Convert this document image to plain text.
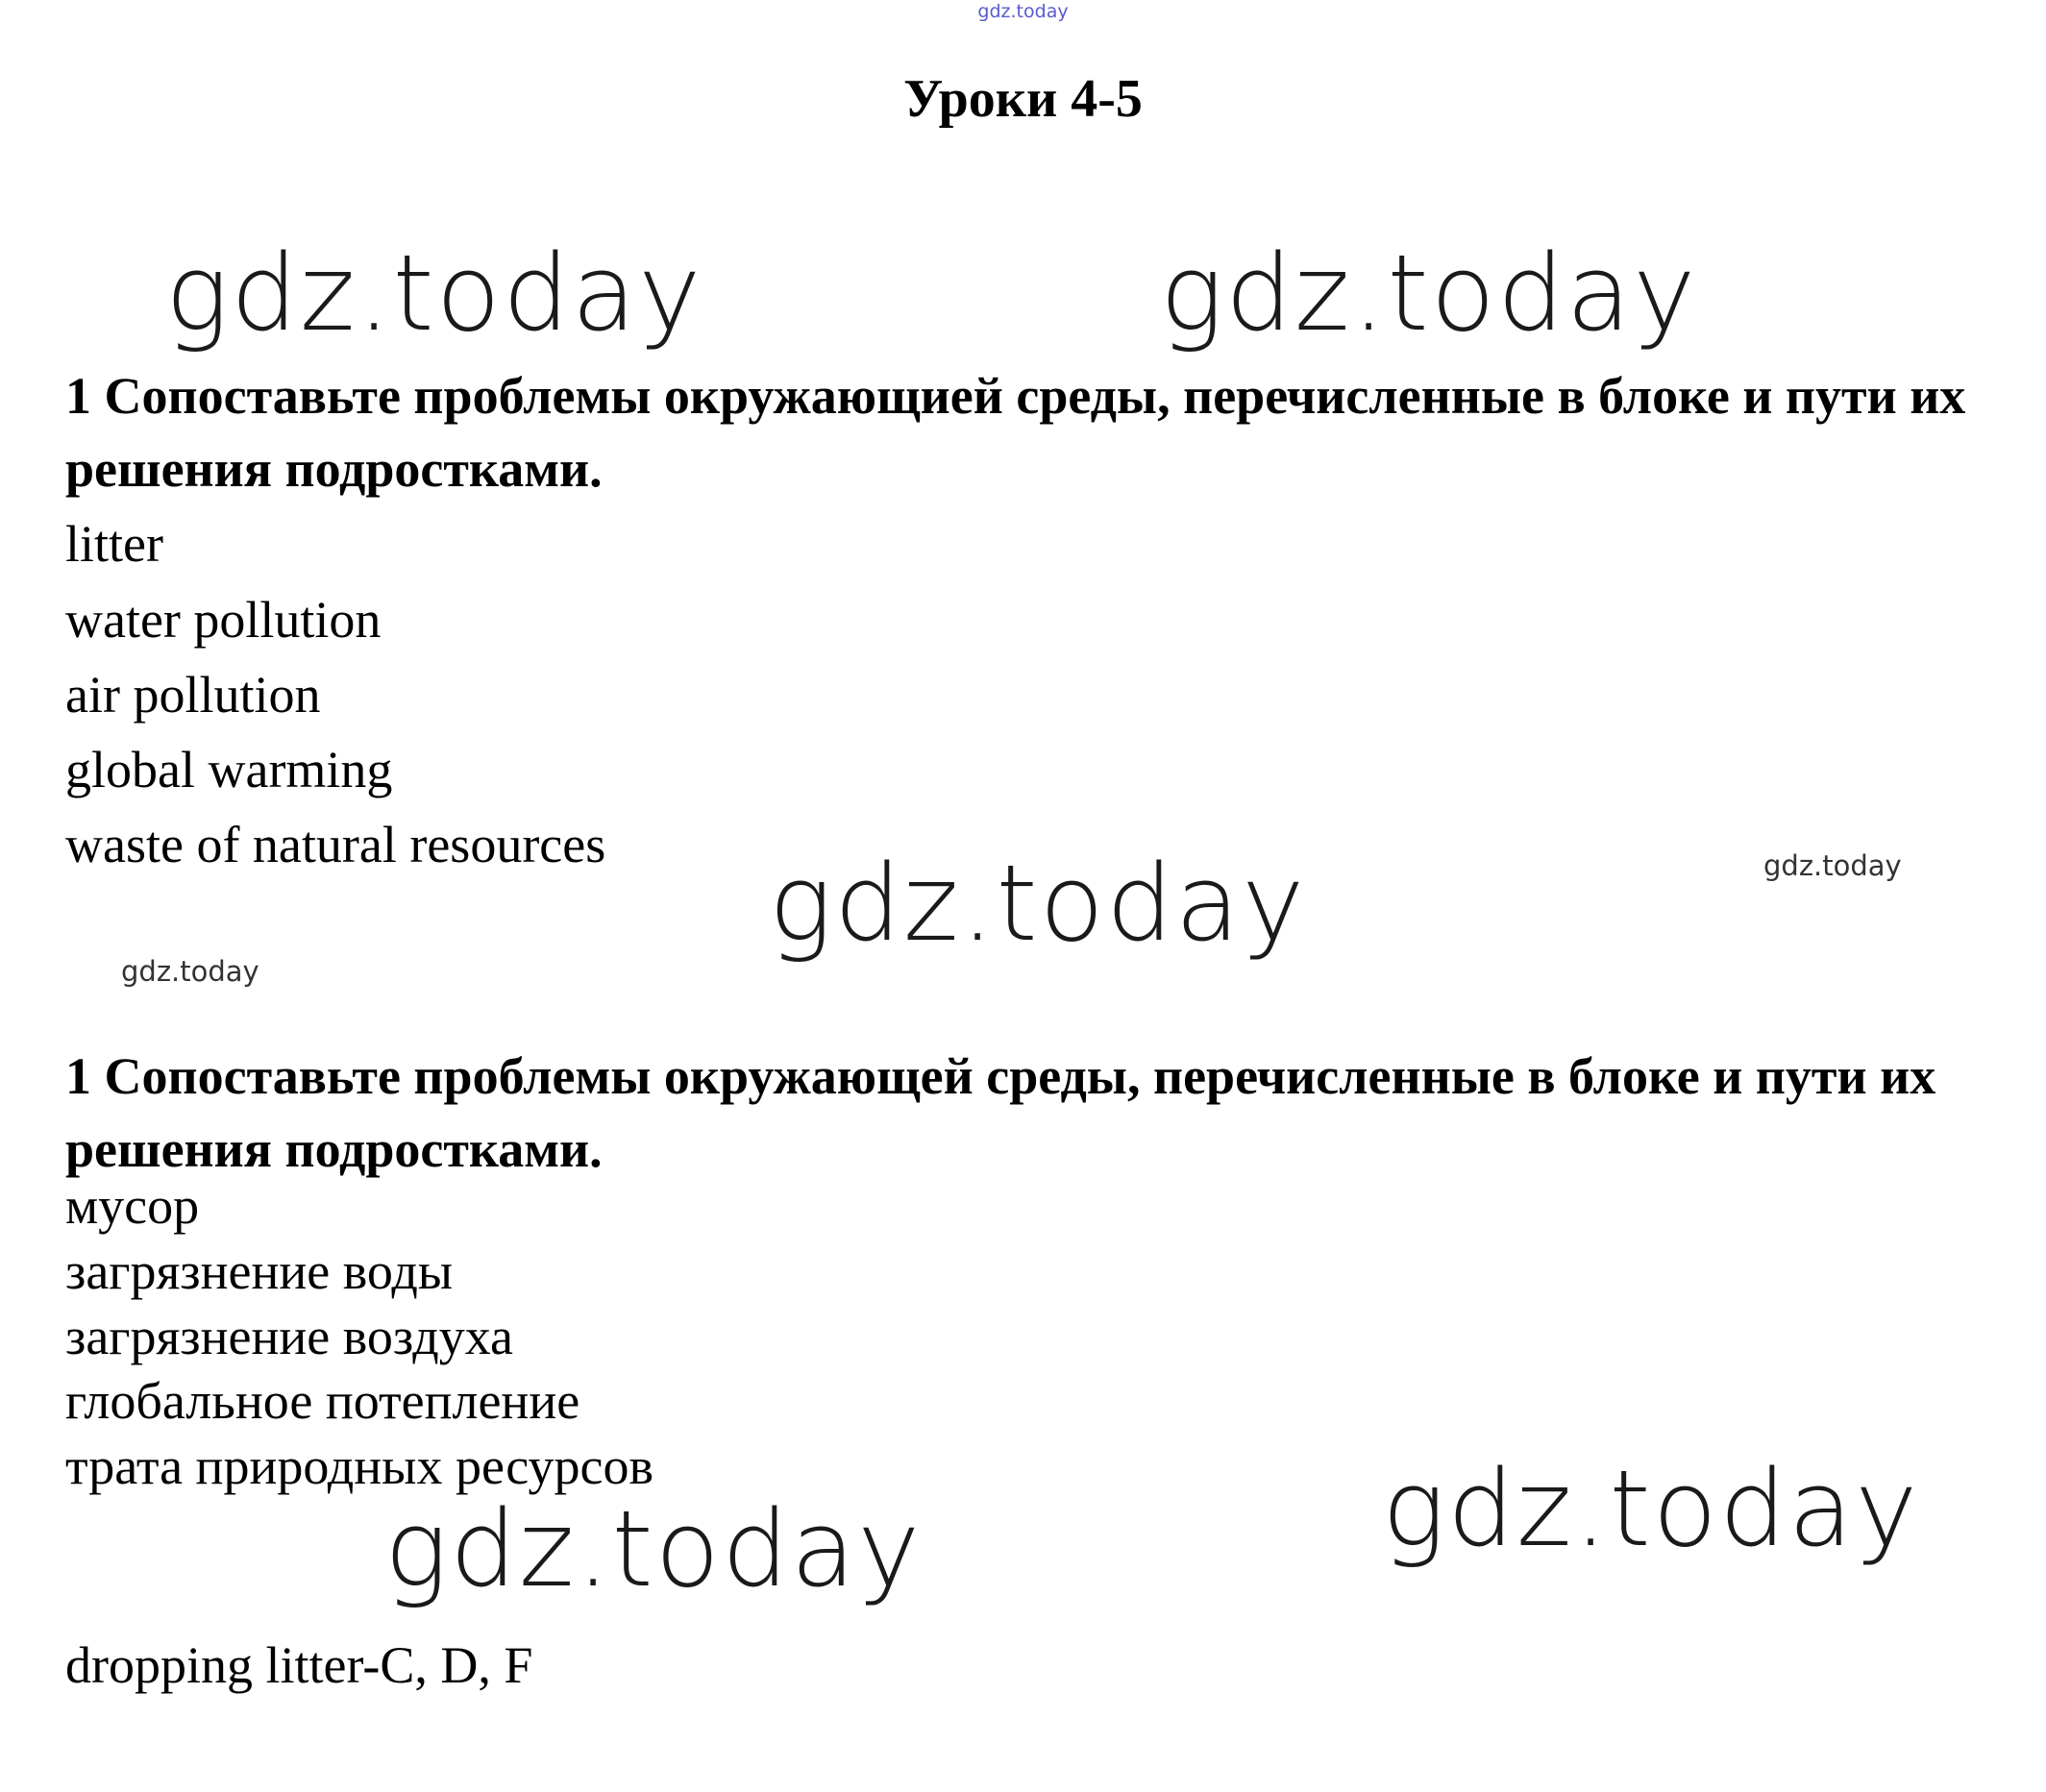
gdz.today
Уроки 4-5
gdz.today	gdz.today
1 Сопоставьте проблемы окружающией среды, перечисленные в блоке и пути их решения подростками.
litter
water pollution
air pollution
global warming
waste of natural resources gdz.today	gdz.today
gdz.today
1 Сопоставьте проблемы окружающей среды, перечисленные в блоке и пути их решения подростками.
мусор
загрязнение воды
загрязнение воздуха
глобальное потепление
трата природных ресурсов	gdz.today
gdz.today
dropping litter-C, D, F
